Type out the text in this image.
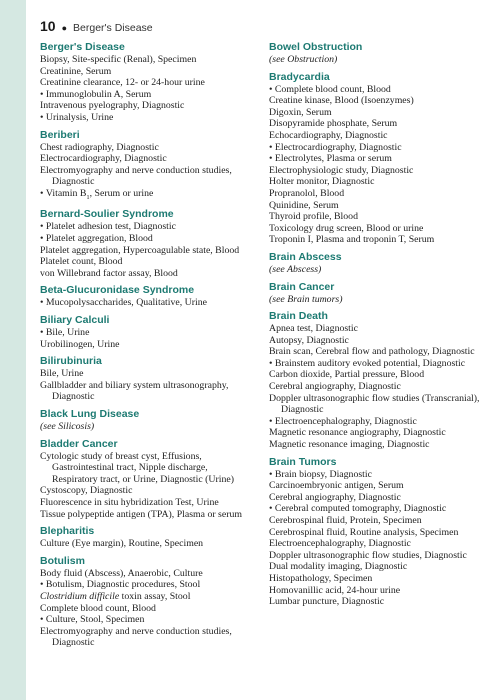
10 ● Berger's Disease
Berger's Disease
Biopsy, Site-specific (Renal), Specimen
Creatinine, Serum
Creatinine clearance, 12- or 24-hour urine
• Immunoglobulin A, Serum
Intravenous pyelography, Diagnostic
• Urinalysis, Urine
Beriberi
Chest radiography, Diagnostic
Electrocardiography, Diagnostic
Electromyography and nerve conduction studies, Diagnostic
• Vitamin $B_1$, Serum or urine
Bernard-Soulier Syndrome
• Platelet adhesion test, Diagnostic
• Platelet aggregation, Blood
Platelet aggregation, Hypercoagulable state, Blood
Platelet count, Blood
von Willebrand factor assay, Blood
Beta-Glucuronidase Syndrome
• Mucopolysaccharides, Qualitative, Urine
Biliary Calculi
• Bile, Urine
Urobilinogen, Urine
Bilirubinuria
Bile, Urine
Gallbladder and biliary system ultrasonography, Diagnostic
Black Lung Disease
(see Silicosis)
Bladder Cancer
Cytologic study of breast cyst, Effusions, Gastrointestinal tract, Nipple discharge, Respiratory tract, or Urine, Diagnostic (Urine)
Cystoscopy, Diagnostic
Fluorescence in situ hybridization Test, Urine
Tissue polypeptide antigen (TPA), Plasma or serum
Blepharitis
Culture (Eye margin), Routine, Specimen
Botulism
Body fluid (Abscess), Anaerobic, Culture
• Botulism, Diagnostic procedures, Stool
Clostridium difficile toxin assay, Stool
Complete blood count, Blood
• Culture, Stool, Specimen
Electromyography and nerve conduction studies, Diagnostic
Bowel Obstruction
(see Obstruction)
Bradycardia
• Complete blood count, Blood
Creatine kinase, Blood (Isoenzymes)
Digoxin, Serum
Disopyramide phosphate, Serum
Echocardiography, Diagnostic
• Electrocardiography, Diagnostic
• Electrolytes, Plasma or serum
Electrophysiologic study, Diagnostic
Holter monitor, Diagnostic
Propranolol, Blood
Quinidine, Serum
Thyroid profile, Blood
Toxicology drug screen, Blood or urine
Troponin I, Plasma and troponin T, Serum
Brain Abscess
(see Abscess)
Brain Cancer
(see Brain tumors)
Brain Death
Apnea test, Diagnostic
Autopsy, Diagnostic
Brain scan, Cerebral flow and pathology, Diagnostic
• Brainstem auditory evoked potential, Diagnostic
Carbon dioxide, Partial pressure, Blood
Cerebral angiography, Diagnostic
Doppler ultrasonographic flow studies (Transcranial), Diagnostic
• Electroencephalography, Diagnostic
Magnetic resonance angiography, Diagnostic
Magnetic resonance imaging, Diagnostic
Brain Tumors
• Brain biopsy, Diagnostic
Carcinoembryonic antigen, Serum
Cerebral angiography, Diagnostic
• Cerebral computed tomography, Diagnostic
Cerebrospinal fluid, Protein, Specimen
Cerebrospinal fluid, Routine analysis, Specimen
Electroencephalography, Diagnostic
Doppler ultrasonographic flow studies, Diagnostic
Dual modality imaging, Diagnostic
Histopathology, Specimen
Homovanillic acid, 24-hour urine
Lumbar puncture, Diagnostic
